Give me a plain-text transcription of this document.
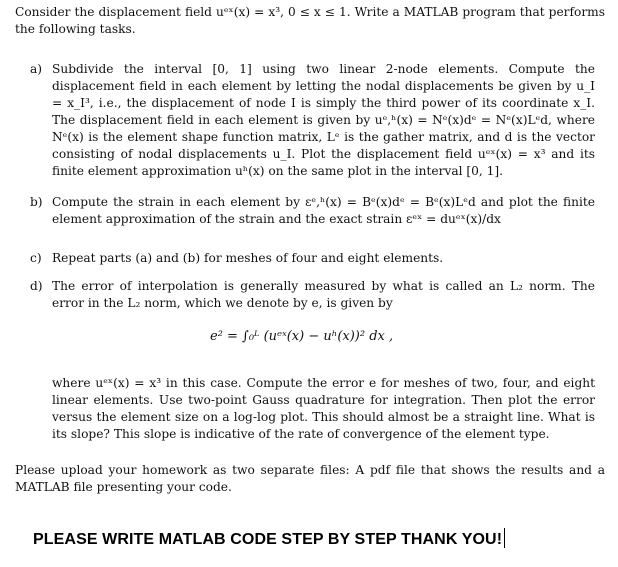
Consider the displacement field uᵉˣ(x) = x³, 0 ≤ x ≤ 1. Write a MATLAB program that performs the following tasks.
a) Subdivide the interval [0, 1] using two linear 2-node elements. Compute the displacement field in each element by letting the nodal displacements be given by u_I = x_I³, i.e., the displacement of node I is simply the third power of its coordinate x_I. The displacement field in each element is given by uᵉ,ʰ(x) = Nᵉ(x)dᵉ = Nᵉ(x)Lᵉd, where Nᵉ(x) is the element shape function matrix, Lᵉ is the gather matrix, and d is the vector consisting of nodal displacements u_I. Plot the displacement field uᵉˣ(x) = x³ and its finite element approximation uʰ(x) on the same plot in the interval [0, 1].
b) Compute the strain in each element by εᵉ,ʰ(x) = Bᵉ(x)dᵉ = Bᵉ(x)Lᵉd and plot the finite element approximation of the strain and the exact strain εᵉˣ = duᵉˣ(x)/dx
c) Repeat parts (a) and (b) for meshes of four and eight elements.
d) The error of interpolation is generally measured by what is called an L₂ norm. The error in the L₂ norm, which we denote by e, is given by
e² = ∫₀ᴸ (uᵉˣ(x) − uʰ(x))² dx ,
where uᵉˣ(x) = x³ in this case. Compute the error e for meshes of two, four, and eight linear elements. Use two-point Gauss quadrature for integration. Then plot the error versus the element size on a log-log plot. This should almost be a straight line. What is its slope? This slope is indicative of the rate of convergence of the element type.
Please upload your homework as two separate files: A pdf file that shows the results and a MATLAB file presenting your code.
PLEASE WRITE MATLAB CODE STEP BY STEP THANK YOU!
